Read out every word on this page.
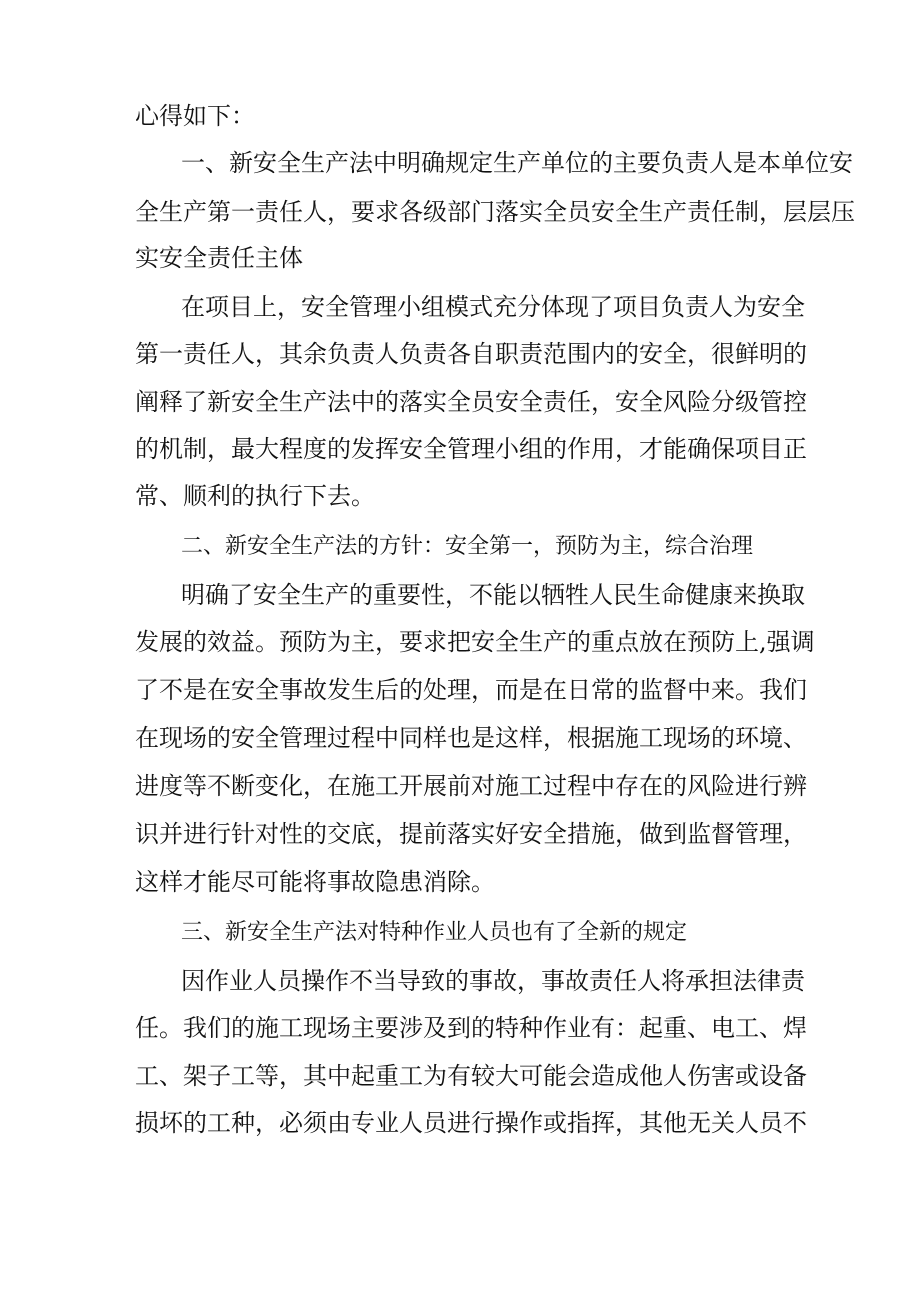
心得如下：
一、新安全生产法中明确规定生产单位的主要负责人是本单位安
全生产第一责任人，要求各级部门落实全员安全生产责任制，层层压
实安全责任主体
在项目上，安全管理小组模式充分体现了项目负责人为安全
第一责任人，其余负责人负责各自职责范围内的安全，很鲜明的
阐释了新安全生产法中的落实全员安全责任，安全风险分级管控
的机制，最大程度的发挥安全管理小组的作用，才能确保项目正
常、顺利的执行下去。
二、新安全生产法的方针：安全第一，预防为主，综合治理
明确了安全生产的重要性，不能以牺牲人民生命健康来换取
发展的效益。预防为主，要求把安全生产的重点放在预防上,强调
了不是在安全事故发生后的处理，而是在日常的监督中来。我们
在现场的安全管理过程中同样也是这样，根据施工现场的环境、
进度等不断变化，在施工开展前对施工过程中存在的风险进行辨
识并进行针对性的交底，提前落实好安全措施，做到监督管理，
这样才能尽可能将事故隐患消除。
三、新安全生产法对特种作业人员也有了全新的规定
因作业人员操作不当导致的事故，事故责任人将承担法律责
任。我们的施工现场主要涉及到的特种作业有：起重、电工、焊
工、架子工等，其中起重工为有较大可能会造成他人伤害或设备
损坏的工种，必须由专业人员进行操作或指挥，其他无关人员不
